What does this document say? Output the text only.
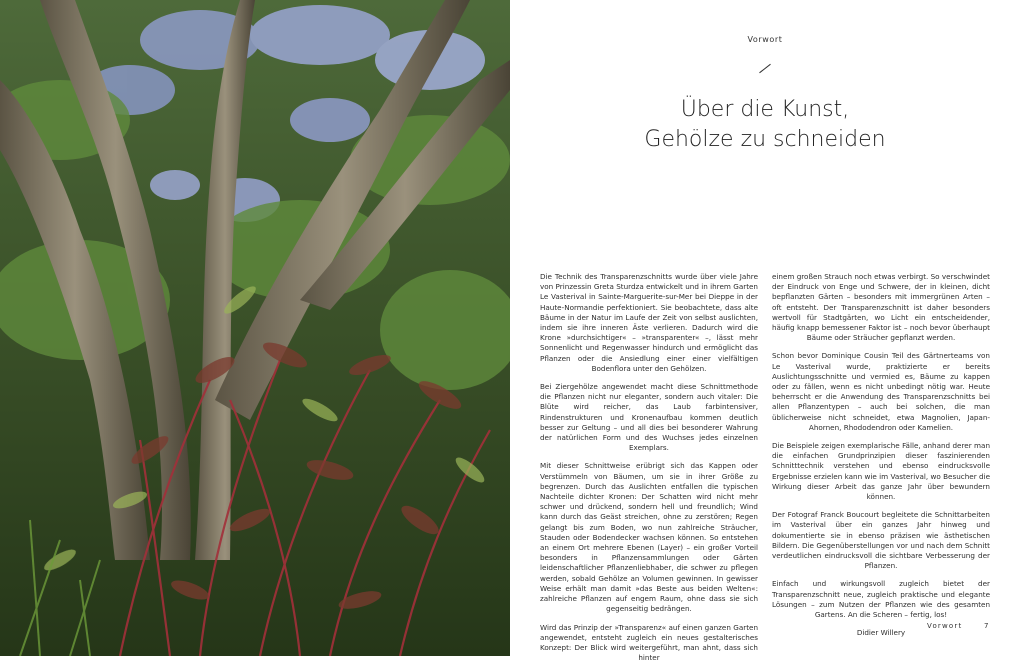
Vorwort
Über die Kunst,
Gehölze zu schneiden

Die Technik des Transparenzschnitts wurde über viele Jahre von Prinzessin Greta Sturdza entwickelt und in ihrem Garten Le Vasterival in Sainte-Marguerite-sur-Mer bei Dieppe in der Haute-Normandie perfektioniert. Sie beobachtete, dass alte Bäume in der Natur im Laufe der Zeit von selbst auslichten, indem sie ihre inneren Äste verlieren. Dadurch wird die Krone »durchsichtiger« – »transparenter« –, lässt mehr Sonnenlicht und Regenwasser hindurch und ermöglicht das Pflanzen oder die Ansiedlung einer einer vielfältigen Bodenflora unter den Gehölzen.

Bei Ziergehölze angewendet macht diese Schnittmethode die Pflanzen nicht nur eleganter, sondern auch vitaler: Die Blüte wird reicher, das Laub farbintensiver, Rindenstrukturen und Kronenaufbau kommen deutlich besser zur Geltung – und all dies bei besonderer Wahrung der natürlichen Form und des Wuchses jedes einzelnen Exemplars.

Mit dieser Schnittweise erübrigt sich das Kappen oder Verstümmeln von Bäumen, um sie in ihrer Größe zu begrenzen. Durch das Auslichten entfallen die typischen Nachteile dichter Kronen: Der Schatten wird nicht mehr schwer und drückend, sondern hell und freundlich; Wind kann durch das Geäst streichen, ohne zu zerstören; Regen gelangt bis zum Boden, wo nun zahlreiche Sträucher, Stauden oder Bodendecker wachsen können. So entstehen an einem Ort mehrere Ebenen (Layer) – ein großer Vorteil besonders in Pflanzensammlungen oder Gärten leidenschaftlicher Pflanzenliebhaber, die schwer zu pflegen werden, sobald Gehölze an Volumen gewinnen. In gewisser Weise erhält man damit »das Beste aus beiden Welten«: zahlreiche Pflanzen auf engem Raum, ohne dass sie sich gegenseitig bedrängen.

Wird das Prinzip der »Transparenz« auf einen ganzen Garten angewendet, entsteht zugleich ein neues gestalterisches Konzept: Der Blick wird weitergeführt, man ahnt, dass sich hinter

einem großen Strauch noch etwas verbirgt. So verschwindet der Eindruck von Enge und Schwere, der in kleinen, dicht bepflanzten Gärten – besonders mit immergrünen Arten – oft entsteht. Der Transparenzschnitt ist daher besonders wertvoll für Stadtgärten, wo Licht ein entscheidender, häufig knapp bemessener Faktor ist – noch bevor überhaupt Bäume oder Sträucher gepflanzt werden.

Schon bevor Dominique Cousin Teil des Gärtnerteams von Le Vasterival wurde, praktizierte er bereits Auslichtungsschnitte und vermied es, Bäume zu kappen oder zu fällen, wenn es nicht unbedingt nötig war. Heute beherrscht er die Anwendung des Transparenzschnitts bei allen Pflanzentypen – auch bei solchen, die man üblicherweise nicht schneidet, etwa Magnolien, Japan-Ahornen, Rhododendron oder Kamelien.

Die Beispiele zeigen exemplarische Fälle, anhand derer man die einfachen Grundprinzipien dieser faszinierenden Schnitttechnik verstehen und ebenso eindrucksvolle Ergebnisse erzielen kann wie im Vasterival, wo Besucher die Wirkung dieser Arbeit das ganze Jahr über bewundern können.

Der Fotograf Franck Boucourt begleitete die Schnittarbeiten im Vasterival über ein ganzes Jahr hinweg und dokumentierte sie in ebenso präzisen wie ästhetischen Bildern. Die Gegenüberstellungen vor und nach dem Schnitt verdeutlichen eindrucksvoll die sichtbare Verbesserung der Pflanzen.

Einfach und wirkungsvoll zugleich bietet der Transparenzschnitt neue, zugleich praktische und elegante Lösungen – zum Nutzen der Pflanzen wie des gesamten Gartens. An die Scheren – fertig, los!

Didier Willery

Vorwort	7
